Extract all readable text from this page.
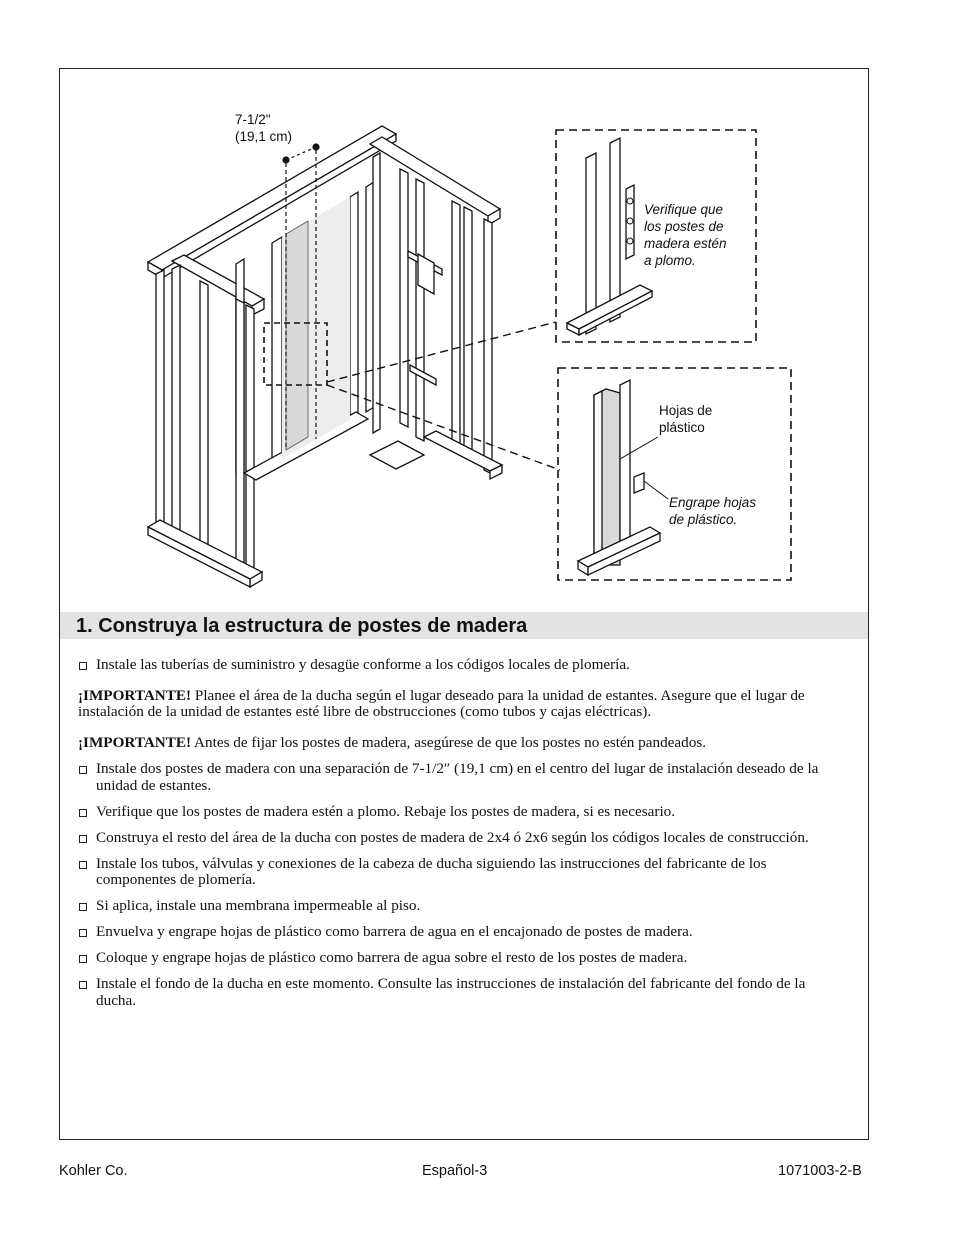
7-1/2"
(19,1 cm)
Verifique que
los postes de
madera estén
a plomo.
Hojas de
plástico
Engrape hojas
de plástico.
1. Construya la estructura de postes de madera
Instale las tuberías de suministro y desagüe conforme a los códigos locales de plomería.
¡IMPORTANTE! Planee el área de la ducha según el lugar deseado para la unidad de estantes. Asegure que el lugar de instalación de la unidad de estantes esté libre de obstrucciones (como tubos y cajas eléctricas).
¡IMPORTANTE! Antes de fijar los postes de madera, asegúrese de que los postes no estén pandeados.
Instale dos postes de madera con una separación de 7-1/2″ (19,1 cm) en el centro del lugar de instalación deseado de la unidad de estantes.
Verifique que los postes de madera estén a plomo. Rebaje los postes de madera, si es necesario.
Construya el resto del área de la ducha con postes de madera de 2x4 ó 2x6 según los códigos locales de construcción.
Instale los tubos, válvulas y conexiones de la cabeza de ducha siguiendo las instrucciones del fabricante de los componentes de plomería.
Si aplica, instale una membrana impermeable al piso.
Envuelva y engrape hojas de plástico como barrera de agua en el encajonado de postes de madera.
Coloque y engrape hojas de plástico como barrera de agua sobre el resto de los postes de madera.
Instale el fondo de la ducha en este momento. Consulte las instrucciones de instalación del fabricante del fondo de la ducha.
Kohler Co.	Español-3	1071003-2-B
